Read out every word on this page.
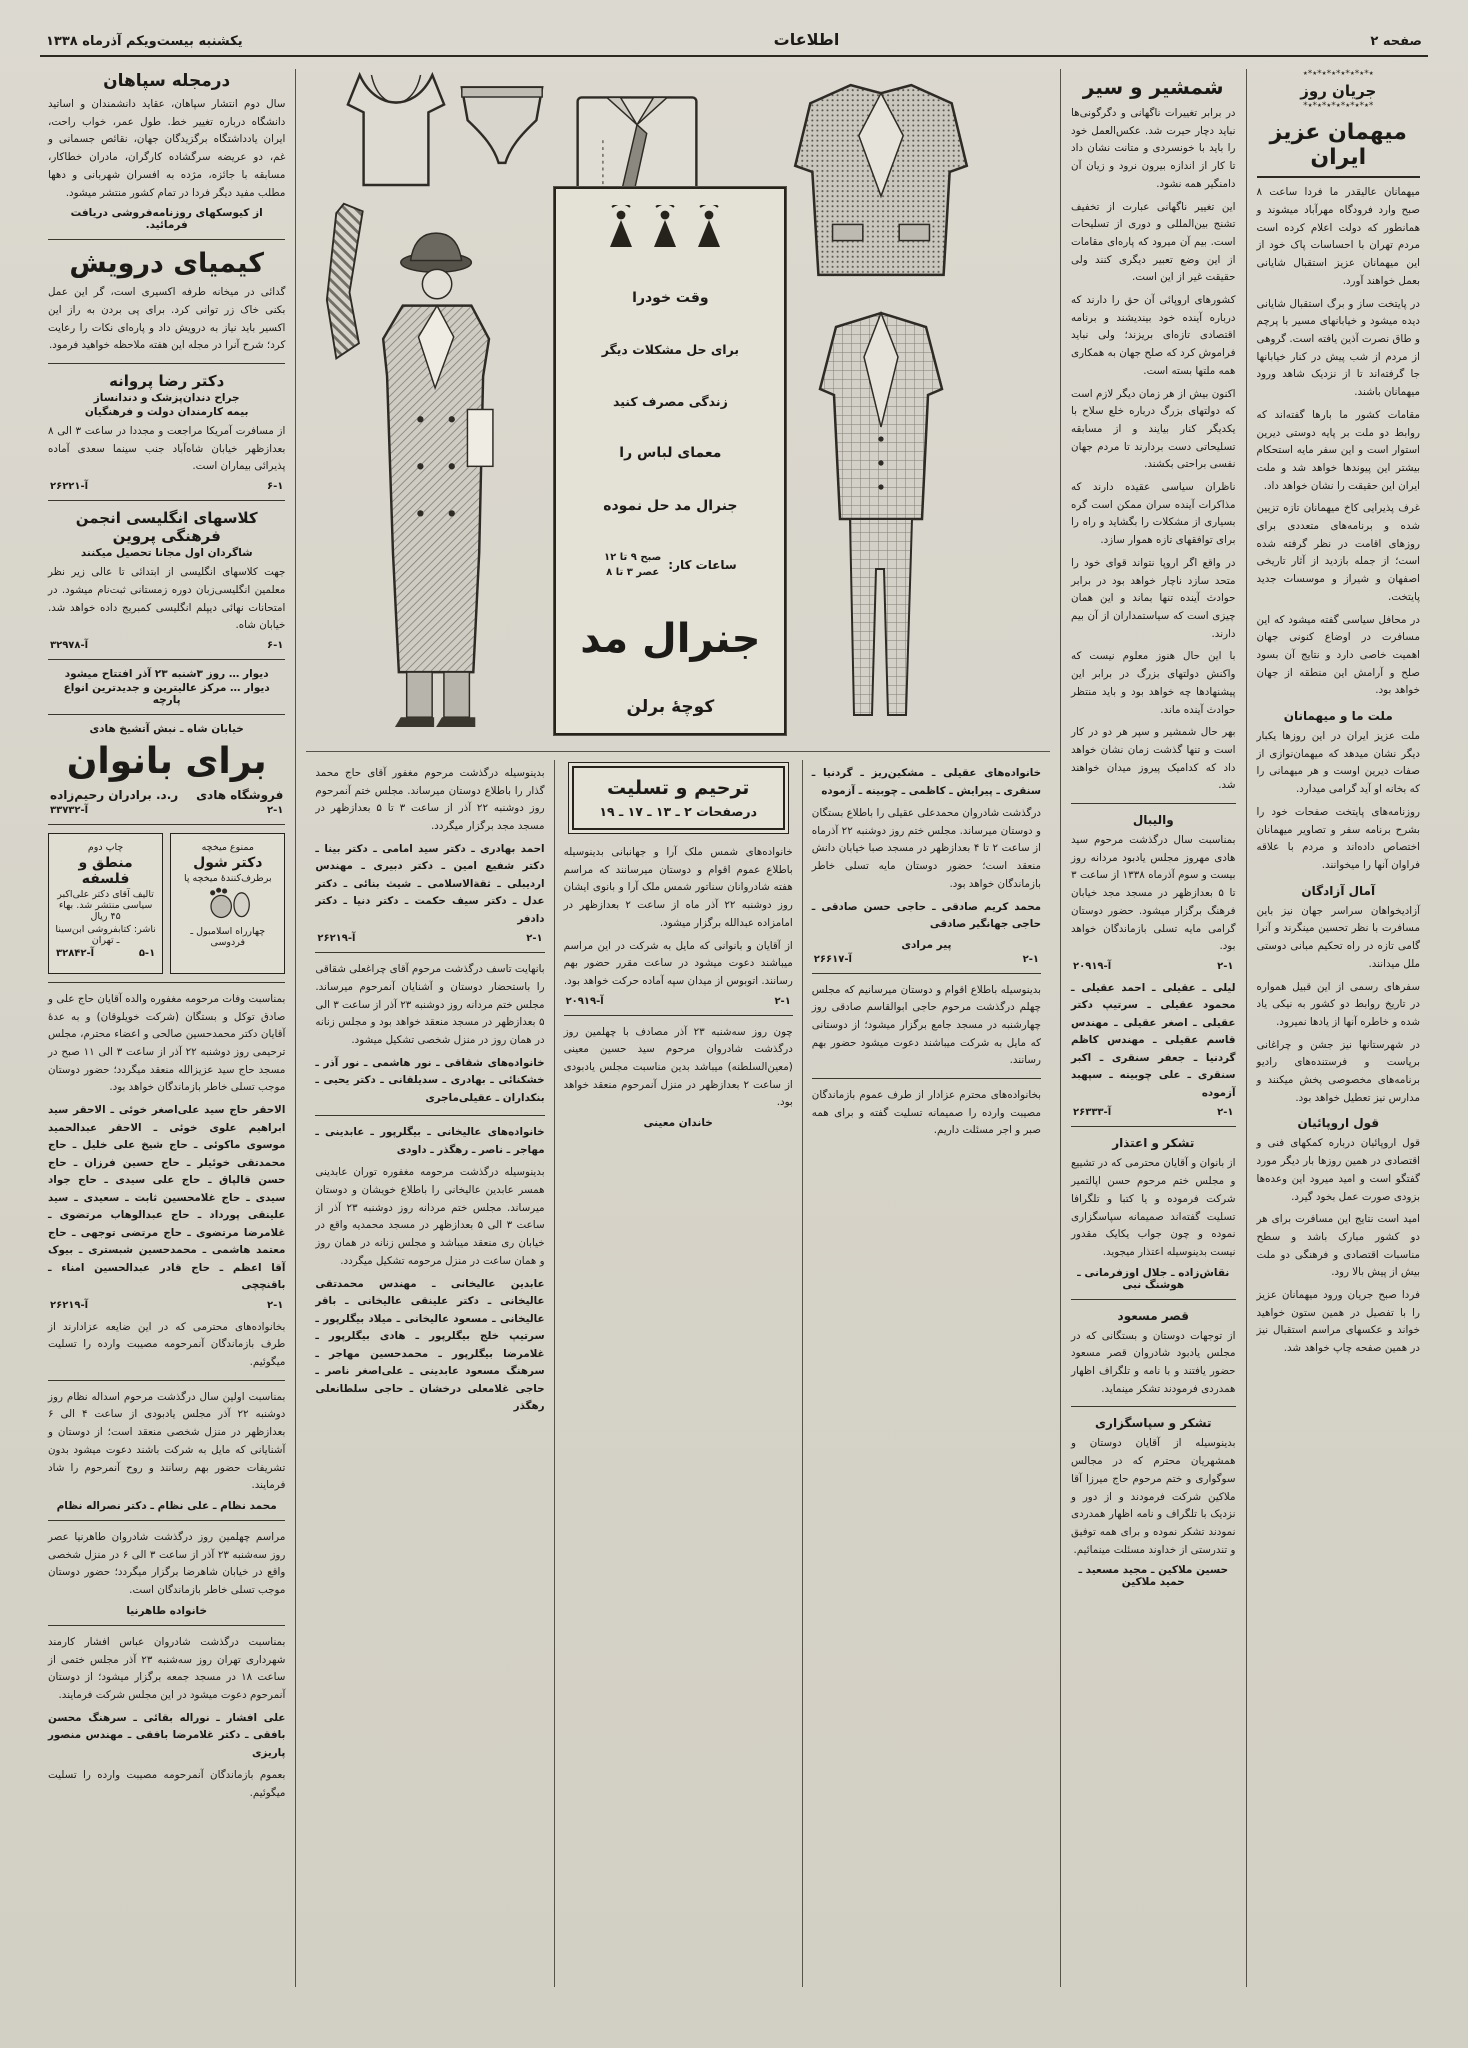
صفحه ۲
اطلاعات
یکشنبه بیست‌ویکم آذرماه ۱۳۳۸
٭*٭*٭*٭*٭*٭*٭*٭
جریان روز
*٭*٭*٭*٭*٭*٭*٭*
میهمان عزیز ایران

میهمانان عالیقدر ما فردا ساعت ۸ صبح وارد فرودگاه مهرآباد میشوند و همانطور که دولت اعلام کرده است مردم تهران با احساسات پاک خود از این میهمانان عزیز استقبال شایانی بعمل خواهند آورد.

در پایتخت ساز و برگ استقبال شایانی دیده میشود و خیابانهای مسیر با پرچم و طاق نصرت آذین یافته است. گروهی از مردم از شب پیش در کنار خیابانها جا گرفته‌اند تا از نزدیک شاهد ورود میهمانان باشند.

مقامات کشور ما بارها گفته‌اند که روابط دو ملت بر پایه دوستی دیرین استوار است و این سفر مایه استحکام بیشتر این پیوندها خواهد شد و ملت ایران این حقیقت را نشان خواهد داد.

غرف پذیرایی کاخ میهمانان تازه تزیین شده و برنامه‌های متعددی برای روزهای اقامت در نظر گرفته شده است؛ از جمله بازدید از آثار تاریخی اصفهان و شیراز و موسسات جدید پایتخت.

در محافل سیاسی گفته میشود که این مسافرت در اوضاع کنونی جهان اهمیت خاصی دارد و نتایج آن بسود صلح و آرامش این منطقه از جهان خواهد بود.

ملت ما و میهمانان

ملت عزیز ایران در این روزها یکبار دیگر نشان میدهد که میهمان‌نوازی از صفات دیرین اوست و هر میهمانی را که بخانه او آید گرامی میدارد.

روزنامه‌های پایتخت صفحات خود را بشرح برنامه سفر و تصاویر میهمانان اختصاص داده‌اند و مردم با علاقه فراوان آنها را میخوانند.

آمال آزادگان

آزادیخواهان سراسر جهان نیز باین مسافرت با نظر تحسین مینگرند و آنرا گامی تازه در راه تحکیم مبانی دوستی ملل میدانند.

سفرهای رسمی از این قبیل همواره در تاریخ روابط دو کشور به نیکی یاد شده و خاطره آنها از یادها نمیرود.

در شهرستانها نیز جشن و چراغانی برپاست و فرستنده‌های رادیو برنامه‌های مخصوصی پخش میکنند و مدارس نیز تعطیل خواهد بود.

قول اروپائیان

قول اروپائیان درباره کمکهای فنی و اقتصادی در همین روزها بار دیگر مورد گفتگو است و امید میرود این وعده‌ها بزودی صورت عمل بخود گیرد.

امید است نتایج این مسافرت برای هر دو کشور مبارک باشد و سطح مناسبات اقتصادی و فرهنگی دو ملت بیش از پیش بالا رود.

فردا صبح جریان ورود میهمانان عزیز را با تفصیل در همین ستون خواهید خواند و عکسهای مراسم استقبال نیز در همین صفحه چاپ خواهد شد.

شمشیر و سیر

در برابر تغییرات ناگهانی و دگرگونی‌ها نباید دچار حیرت شد. عکس‌العمل خود را باید با خونسردی و متانت نشان داد تا کار از اندازه بیرون نرود و زیان آن دامنگیر همه نشود.

این تغییر ناگهانی عبارت از تخفیف تشنج بین‌المللی و دوری از تسلیحات است. بیم آن میرود که پاره‌ای مقامات از این وضع تعبیر دیگری کنند ولی حقیقت غیر از این است.

کشورهای اروپائی آن حق را دارند که درباره آینده خود بیندیشند و برنامه اقتصادی تازه‌ای بریزند؛ ولی نباید فراموش کرد که صلح جهان به همکاری همه ملتها بسته است.

اکنون بیش از هر زمان دیگر لازم است که دولتهای بزرگ درباره خلع سلاح با یکدیگر کنار بیایند و از مسابقه تسلیحاتی دست بردارند تا مردم جهان نفسی براحتی بکشند.

ناظران سیاسی عقیده دارند که مذاکرات آینده سران ممکن است گره بسیاری از مشکلات را بگشاید و راه را برای توافقهای تازه هموار سازد.

در واقع اگر اروپا نتواند قوای خود را متحد سازد ناچار خواهد بود در برابر حوادث آینده تنها بماند و این همان چیزی است که سیاستمداران از آن بیم دارند.

با این حال هنوز معلوم نیست که واکنش دولتهای بزرگ در برابر این پیشنهادها چه خواهد بود و باید منتظر حوادث آینده ماند.

بهر حال شمشیر و سپر هر دو در کار است و تنها گذشت زمان نشان خواهد داد که کدامیک پیروز میدان خواهند شد.

والیبال

بمناسبت سال درگذشت مرحوم سید هادی مهروز مجلس یادبود مردانه روز بیست و سوم آذرماه ۱۳۳۸ از ساعت ۳ تا ۵ بعدازظهر در مسجد مجد خیابان فرهنگ برگزار میشود. حضور دوستان گرامی مایه تسلی بازماندگان خواهد بود.

۲-۱
آ-۲۰۹۱۹
لیلی ـ عقیلی ـ احمد عقیلی ـ محمود عقیلی ـ سرتیپ دکتر عقیلی ـ اصغر عقیلی ـ مهندس قاسم عقیلی ـ مهندس کاظم گردنیا ـ جعفر سنقری ـ اکبر سنقری ـ علی چوبینه ـ سپهبد آزموده
۲-۱
آ-۲۶۳۳۳
تشکر و اعتذار

از بانوان و آقایان محترمی که در تشییع و مجلس ختم مرحوم حسن اپالتمیر شرکت فرموده و یا کتبا و تلگرافا تسلیت گفته‌اند صمیمانه سپاسگزاری نموده و چون جواب یکایک مقدور نیست بدینوسیله اعتذار میجوید.

نقاش‌زاده ـ جلال اوزفرمانی ـ هوشنگ نبی
قصر مسعود

از توجهات دوستان و بستگانی که در مجلس یادبود شادروان قصر مسعود حضور یافتند و با نامه و تلگراف اظهار همدردی فرمودند تشکر مینماید.

تشکر و سپاسگزاری

بدینوسیله از آقایان دوستان و همشهریان محترم که در مجالس سوگواری و ختم مرحوم حاج میرزا آقا ملاکین شرکت فرمودند و از دور و نزدیک با تلگراف و نامه اظهار همدردی نمودند تشکر نموده و برای همه توفیق و تندرستی از خداوند مسئلت مینمائیم.

حسین ملاکین ـ مجید مسعید ـ حمید ملاکین
وقت خودرا
برای حل مشکلات دیگر
زندگی مصرف کنید
معمای لباس را
جنرال مد حل نموده
ساعات کار:
صبح ۹ تا ۱۲
عصر ۳ تا ۸
جنرال مد
کوچهٔ برلن
خانواده‌های عقیلی ـ مشکین‌ریز ـ گردنیا ـ سنقری ـ پیرایش ـ کاظمی ـ چوبینه ـ آزموده

درگذشت شادروان محمدعلی عقیلی را باطلاع بستگان و دوستان میرساند. مجلس ختم روز دوشنبه ۲۲ آذرماه از ساعت ۲ تا ۴ بعدازظهر در مسجد صبا خیابان دانش منعقد است؛ حضور دوستان مایه تسلی خاطر بازماندگان خواهد بود.

محمد کریم صادقی ـ حاجی حسن صادقی ـ حاجی جهانگیر صادقی
پیر مرادی
۲-۱
آ-۲۶۶۱۷

بدینوسیله باطلاع اقوام و دوستان میرسانیم که مجلس چهلم درگذشت مرحوم حاجی ابوالقاسم صادقی روز چهارشنبه در مسجد جامع برگزار میشود؛ از دوستانی که مایل به شرکت میباشند دعوت میشود حضور بهم رسانند.

بخانواده‌های محترم عزادار از طرف عموم بازماندگان مصیبت وارده را صمیمانه تسلیت گفته و برای همه صبر و اجر مسئلت داریم.

ترحیم و تسلیت
درصفحات ۲ ـ ۱۳ ـ ۱۷ ـ ۱۹

خانواده‌های شمس ملک آرا و جهانبانی بدینوسیله باطلاع عموم اقوام و دوستان میرسانند که مراسم هفته شادروانان سناتور شمس ملک آرا و بانوی ایشان روز دوشنبه ۲۲ آذر ماه از ساعت ۲ بعدازظهر در امامزاده عبدالله برگزار میشود.

از آقایان و بانوانی که مایل به شرکت در این مراسم میباشند دعوت میشود در ساعت مقرر حضور بهم رسانند. اتوبوس از میدان سپه آماده حرکت خواهد بود.

۲-۱
آ-۲۰۹۱۹

چون روز سه‌شنبه ۲۳ آذر مصادف با چهلمین روز درگذشت شادروان مرحوم سید حسین معینی (معین‌السلطنه) میباشد بدین مناسبت مجلس یادبودی از ساعت ۲ بعدازظهر در منزل آنمرحوم منعقد خواهد بود.

خاندان معینی

بدینوسیله درگذشت مرحوم مغفور آقای حاج محمد گذار را باطلاع دوستان میرساند. مجلس ختم آنمرحوم روز دوشنبه ۲۲ آذر از ساعت ۳ تا ۵ بعدازظهر در مسجد مجد برگزار میگردد.

احمد بهادری ـ دکتر سید امامی ـ دکتر بینا ـ دکتر شفیع امین ـ دکتر دبیری ـ مهندس اردیبلی ـ ثقةالاسلامی ـ شیث بنائی ـ دکتر عدل ـ دکتر سیف حکمت ـ دکتر دنیا ـ دکتر دادفر
۲-۱
آ-۲۶۲۱۹

بانهایت تاسف درگذشت مرحوم آقای چراغعلی شقاقی را باستحضار دوستان و آشنایان آنمرحوم میرساند. مجلس ختم مردانه روز دوشنبه ۲۳ آذر از ساعت ۳ الی ۵ بعدازظهر در مسجد منعقد خواهد بود و مجلس زنانه در همان روز در منزل شخصی تشکیل میشود.

خانواده‌های شقاقی ـ نور هاشمی ـ نور آذر ـ خشکنائی ـ بهادری ـ سدیلقانی ـ دکتر یحیی ـ بنکداران ـ عقیلی‌ماجری
خانواده‌های عالیخانی ـ بیگلرپور ـ عابدینی ـ مهاجر ـ ناصر ـ رهگذر ـ داودی

بدینوسیله درگذشت مرحومه مغفوره توران عابدینی همسر عابدین عالیخانی را باطلاع خویشان و دوستان میرساند. مجلس ختم مردانه روز دوشنبه ۲۳ آذر از ساعت ۳ الی ۵ بعدازظهر در مسجد محمدیه واقع در خیابان ری منعقد میباشد و مجلس زنانه در همان روز و همان ساعت در منزل مرحومه تشکیل میگردد.

عابدین عالیخانی ـ مهندس محمدتقی عالیخانی ـ دکتر علینقی عالیخانی ـ باقر عالیخانی ـ مسعود عالیخانی ـ میلاد بیگلرپور ـ سرتیپ خلج بیگلرپور ـ هادی بیگلرپور ـ غلامرضا بیگلرپور ـ محمدحسین مهاجر ـ سرهنگ مسعود عابدینی ـ علی‌اصغر ناصر ـ حاجی غلامعلی درخشان ـ حاجی سلطانعلی رهگذر
درمجله سپاهان

سال دوم انتشار سپاهان، عقاید دانشمندان و اساتید دانشگاه درباره تغییر خط. طول عمر، خواب راحت، ایران یادداشتگاه برگزیدگان جهان، نقائص جسمانی و غم، دو عریضه سرگشاده کارگران، مادران خطاکار، مسابقه با جائزه، مژده به افسران شهربانی و دهها مطلب مفید دیگر فردا در تمام کشور منتشر میشود.

از کیوسکهای روزنامه‌فروشی دریافت فرمائید.
کیمیای درویش

گدائی در میخانه طرفه اکسیری است، گر این عمل بکنی خاک زر توانی کرد. برای پی بردن به راز این اکسیر باید نیاز به درویش داد و پاره‌ای نکات را رعایت کرد؛ شرح آنرا در مجله این هفته ملاحظه خواهید فرمود.

دکتر رضا پروانه
جراح دندان‌پزشک و دندانساز
بیمه کارمندان دولت و فرهنگیان

از مسافرت آمریکا مراجعت و مجددا در ساعت ۳ الی ۸ بعدازظهر خیابان شاه‌آباد جنب سینما سعدی آماده پذیرائی بیماران است.

۶-۱
آ-۲۶۲۲۱
کلاسهای انگلیسی انجمن فرهنگی پروین
شاگردان اول مجانا تحصیل میکنند

جهت کلاسهای انگلیسی از ابتدائی تا عالی زیر نظر معلمین انگلیسی‌زبان دوره زمستانی ثبت‌نام میشود. در امتحانات نهائی دیپلم انگلیسی کمبریج داده خواهد شد. خیابان شاه.

۶-۱
آ-۳۲۹۷۸
دیوار … روز ۳شنبه ۲۳ آذر افتتاح میشود
دیوار … مرکز عالیترین و جدیدترین انواع پارچه
خیابان شاه ـ نبش آتشیخ هادی
برای بانوان
فروشگاه هادی
ر.د. برادران رحیم‌زاده
۲-۱
آ-۳۳۷۳۲
ممنوع میخچه
دکتر شول
برطرف‌کنندهٔ میخچه پا
چهارراه اسلامبول ـ فردوسی
چاپ دوم
منطق و فلسفه
تالیف آقای دکتر علی‌اکبر سیاسی منتشر شد. بهاء ۴۵ ریال
ناشر: کتابفروشی ابن‌سینا ـ تهران
۵-۱
آ-۳۲۸۴۲

بمناسبت وفات مرحومه مغفوره والده آقایان حاج علی و صادق توکل و بستگان (شرکت خویلوقان) و به عدهٔ آقایان دکتر محمدحسین صالحی و اعضاء محترم، مجلس ترحیمی روز دوشنبه ۲۲ آذر از ساعت ۳ الی ۱۱ صبح در مسجد حاج سید عزیزالله منعقد میگردد؛ حضور دوستان موجب تسلی خاطر بازماندگان خواهد بود.

الاحقر حاج سید علی‌اصغر خوئی ـ الاحقر سید ابراهیم علوی خوئی ـ الاحقر عبدالحمید موسوی ماکوئی ـ حاج شیخ علی خلیل ـ حاج محمدتقی خوئیلر ـ حاج حسین فرزان ـ حاج حسن قالپاق ـ حاج علی سیدی ـ حاج جواد سیدی ـ حاج غلامحسین ثابت ـ سعیدی ـ سید علینقی پورداد ـ حاج عبدالوهاب مرتضوی ـ غلامرضا مرتضوی ـ حاج مرتضی توجهی ـ حاج معتمد هاشمی ـ محمدحسین شبستری ـ بیوک آقا اعظم ـ حاج قادر عبدالحسین امناء ـ باقنچچی
۲-۱
آ-۲۶۲۱۹

بخانواده‌های محترمی که در این ضایعه عزادارند از طرف بازماندگان آنمرحومه مصیبت وارده را تسلیت میگوئیم.

بمناسبت اولین سال درگذشت مرحوم اسداله نظام روز دوشنبه ۲۲ آذر مجلس یادبودی از ساعت ۴ الی ۶ بعدازظهر در منزل شخصی منعقد است؛ از دوستان و آشنایانی که مایل به شرکت باشند دعوت میشود بدون تشریفات حضور بهم رسانند و روح آنمرحوم را شاد فرمایند.

محمد نظام ـ علی نظام ـ دکتر نصراله نظام

مراسم چهلمین روز درگذشت شادروان طاهرنیا عصر روز سه‌شنبه ۲۳ آذر از ساعت ۳ الی ۶ در منزل شخصی واقع در خیابان شاهرضا برگزار میگردد؛ حضور دوستان موجب تسلی خاطر بازماندگان است.

خانواده طاهرنیا

بمناسبت درگذشت شادروان عباس افشار کارمند شهرداری تهران روز سه‌شنبه ۲۳ آذر مجلس ختمی از ساعت ۱۸ در مسجد جمعه برگزار میشود؛ از دوستان آنمرحوم دعوت میشود در این مجلس شرکت فرمایند.

علی افشار ـ نوراله بقائی ـ سرهنگ محسن بافقی ـ دکتر غلامرضا بافقی ـ مهندس منصور پاریزی

بعموم بازماندگان آنمرحومه مصیبت وارده را تسلیت میگوئیم.
